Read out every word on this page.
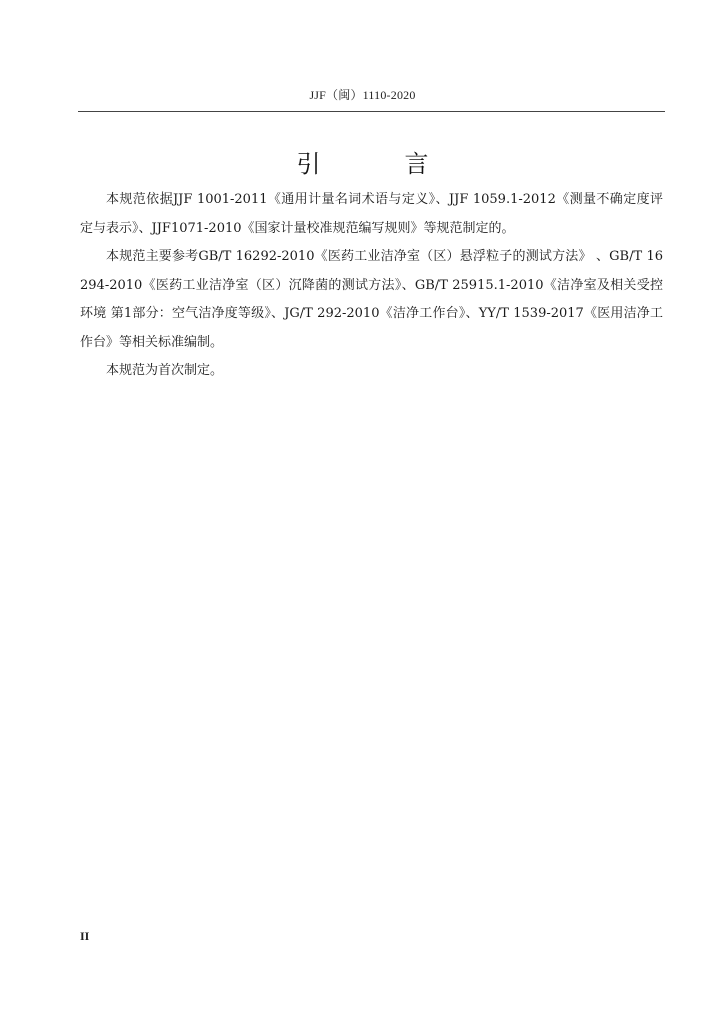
JJF（闽）1110-2020
引	言

本规范依据JJF 1001-2011《通用计量名词术语与定义》、JJF 1059.1-2012《测量不确定度评定与表示》、JJF1071-2010《国家计量校准规范编写规则》等规范制定的。

本规范主要参考GB/T 16292-2010《医药工业洁净室（区）悬浮粒子的测试方法》 、GB/T 16294-2010《医药工业洁净室（区）沉降菌的测试方法》、GB/T 25915.1-2010《洁净室及相关受控环境 第1部分：空气洁净度等级》、JG/T 292-2010《洁净工作台》、YY/T 1539-2017《医用洁净工作台》等相关标准编制。

本规范为首次制定。

II
